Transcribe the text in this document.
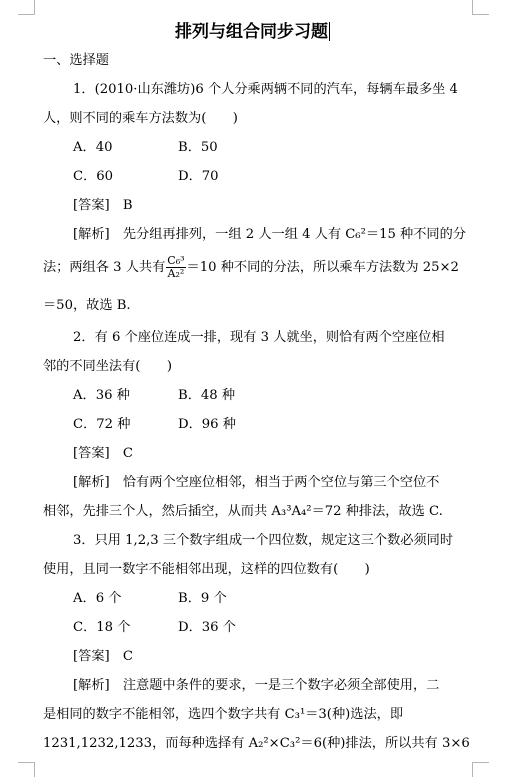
排列与组合同步习题
一、选择题
1．(2010·山东潍坊)6 个人分乘两辆不同的汽车，每辆车最多坐 4
人，则不同的乘车方法数为(　　)
A．40	B．50
C．60	D．70
[答案]　B
[解析]　先分组再排列，一组 2 人一组 4 人有 C₆²＝15 种不同的分
法；两组各 3 人共有 $\frac{\text{C₆³}}{\text{A₂²}} =10$ 种不同的分法，所以乘车方法数为 25×2
＝50，故选 B.
2．有 6 个座位连成一排，现有 3 人就坐，则恰有两个空座位相
邻的不同坐法有(　　)
A．36 种	B．48 种
C．72 种	D．96 种
[答案]　C
[解析]　恰有两个空座位相邻，相当于两个空位与第三个空位不
相邻，先排三个人，然后插空，从而共 A₃³A₄²＝72 种排法，故选 C.
3．只用 1,2,3 三个数字组成一个四位数，规定这三个数必须同时
使用，且同一数字不能相邻出现，这样的四位数有(　　)
A．6 个	B．9 个
C．18 个	D．36 个
[答案]　C
[解析]　注意题中条件的要求，一是三个数字必须全部使用，二
是相同的数字不能相邻，选四个数字共有 C₃¹＝3(种)选法，即
1231,1232,1233，而每种选择有 A₂²×C₃²＝6(种)排法，所以共有 3×6
